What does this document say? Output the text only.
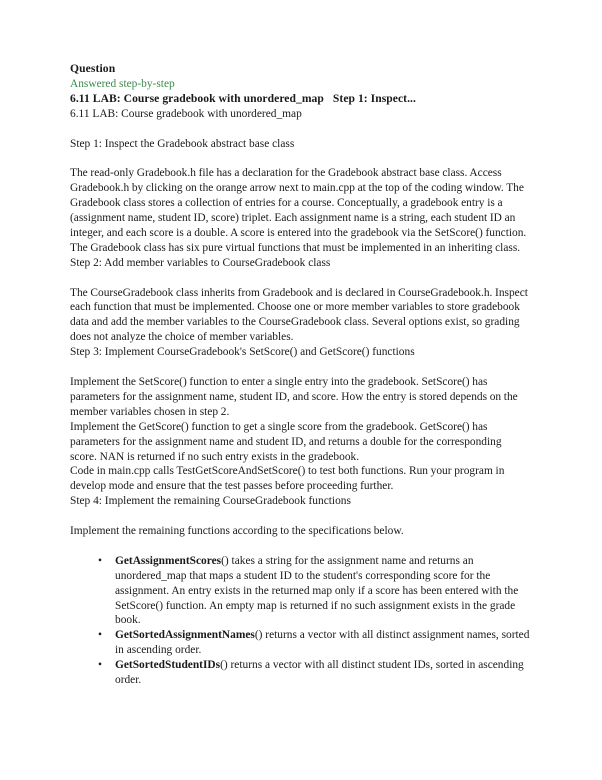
Question
Answered step-by-step
6.11 LAB: Course gradebook with unordered_map Step 1: Inspect...
6.11 LAB: Course gradebook with unordered_map
Step 1: Inspect the Gradebook abstract base class
The read-only Gradebook.h file has a declaration for the Gradebook abstract base class. Access Gradebook.h by clicking on the orange arrow next to main.cpp at the top of the coding window. The Gradebook class stores a collection of entries for a course. Conceptually, a gradebook entry is a (assignment name, student ID, score) triplet. Each assignment name is a string, each student ID an integer, and each score is a double. A score is entered into the gradebook via the SetScore() function.
The Gradebook class has six pure virtual functions that must be implemented in an inheriting class.
Step 2: Add member variables to CourseGradebook class
The CourseGradebook class inherits from Gradebook and is declared in CourseGradebook.h. Inspect each function that must be implemented. Choose one or more member variables to store gradebook data and add the member variables to the CourseGradebook class. Several options exist, so grading does not analyze the choice of member variables.
Step 3: Implement CourseGradebook's SetScore() and GetScore() functions
Implement the SetScore() function to enter a single entry into the gradebook. SetScore() has parameters for the assignment name, student ID, and score. How the entry is stored depends on the member variables chosen in step 2.
Implement the GetScore() function to get a single score from the gradebook. GetScore() has parameters for the assignment name and student ID, and returns a double for the corresponding score. NAN is returned if no such entry exists in the gradebook.
Code in main.cpp calls TestGetScoreAndSetScore() to test both functions. Run your program in develop mode and ensure that the test passes before proceeding further.
Step 4: Implement the remaining CourseGradebook functions
Implement the remaining functions according to the specifications below.
• GetAssignmentScores() takes a string for the assignment name and returns an unordered_map that maps a student ID to the student's corresponding score for the assignment. An entry exists in the returned map only if a score has been entered with the SetScore() function. An empty map is returned if no such assignment exists in the grade book.
• GetSortedAssignmentNames() returns a vector with all distinct assignment names, sorted in ascending order.
• GetSortedStudentIDs() returns a vector with all distinct student IDs, sorted in ascending order.
